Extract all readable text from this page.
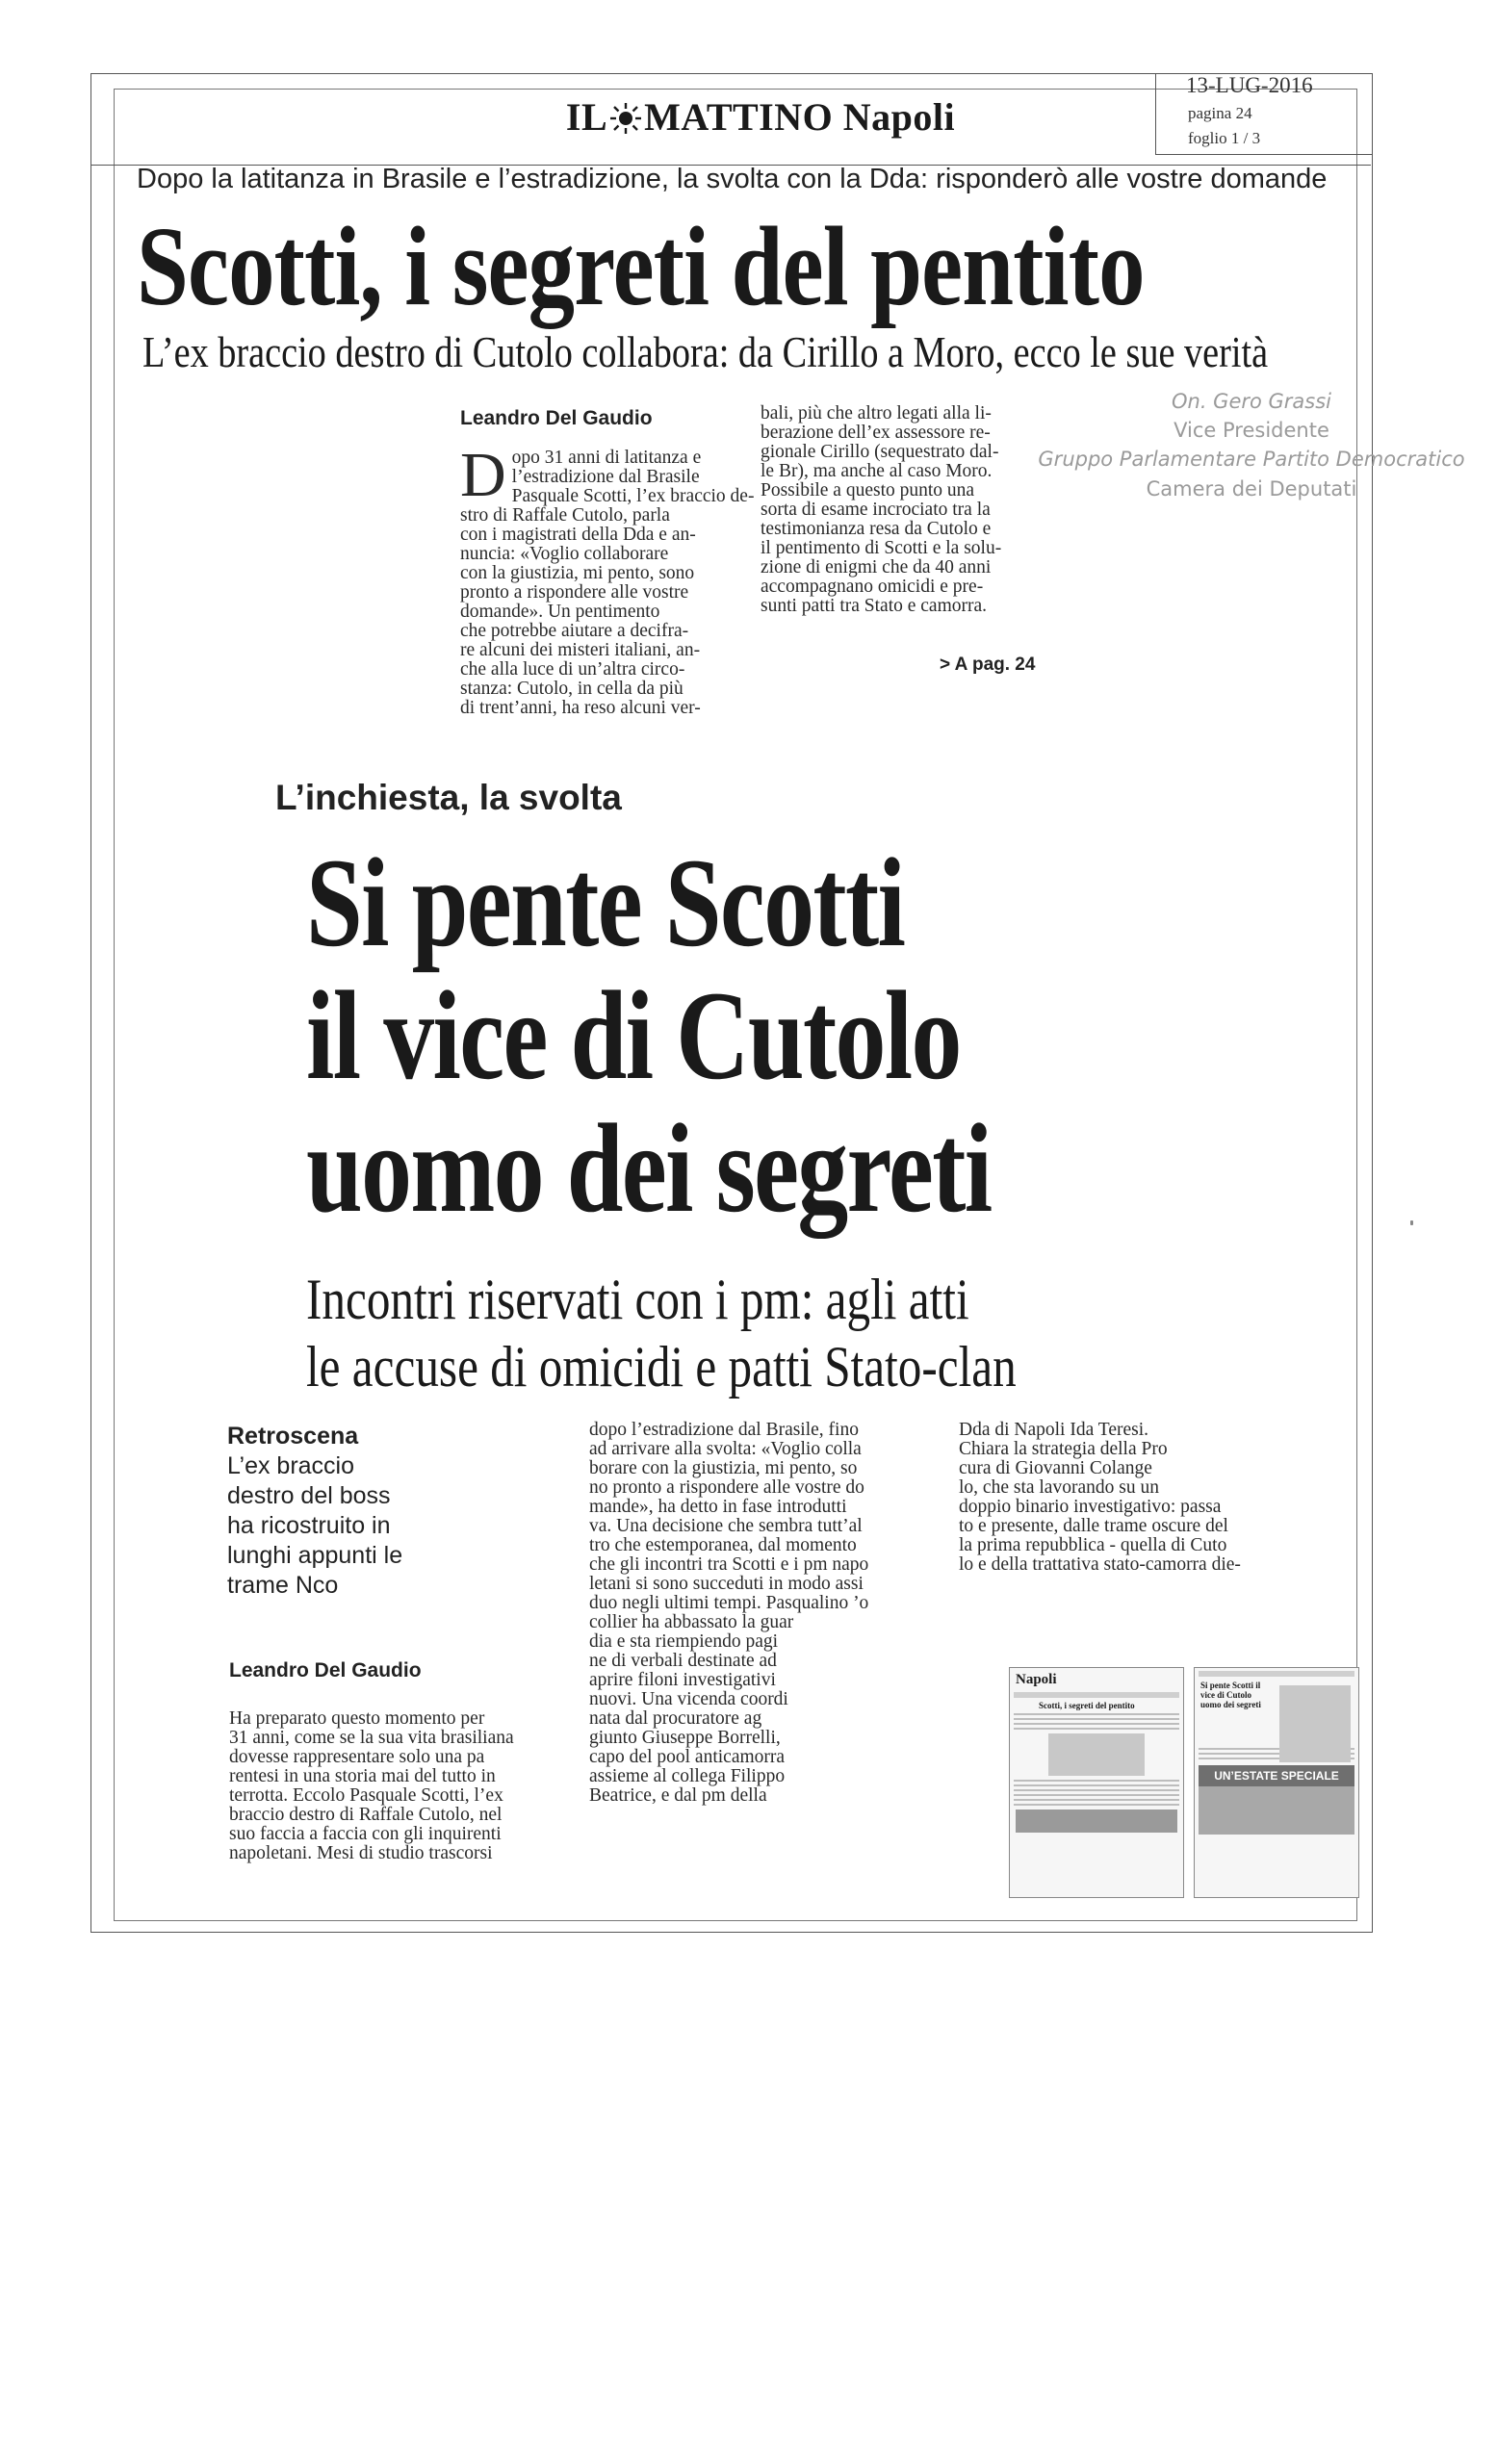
IL MATTINO Napoli
13-LUG-2016
pagina 24
foglio 1 / 3
Dopo la latitanza in Brasile e l’estradizione, la svolta con la Dda: risponderò alle vostre domande
Scotti, i segreti del pentito
L’ex braccio destro di Cutolo collabora: da Cirillo a Moro, ecco le sue verità
Leandro Del Gaudio
D opo 31 anni di latitanza e
l’estradizione dal Brasile
Pasquale Scotti, l’ex braccio de-
stro di Raffale Cutolo, parla
con i magistrati della Dda e an-
nuncia: «Voglio collaborare
con la giustizia, mi pento, sono
pronto a rispondere alle vostre
domande». Un pentimento
che potrebbe aiutare a decifra-
re alcuni dei misteri italiani, an-
che alla luce di un’altra circo-
stanza: Cutolo, in cella da più
di trent’anni, ha reso alcuni ver-
bali, più che altro legati alla li-
berazione dell’ex assessore re-
gionale Cirillo (sequestrato dal-
le Br), ma anche al caso Moro.
Possibile a questo punto una
sorta di esame incrociato tra la
testimonianza resa da Cutolo e
il pentimento di Scotti e la solu-
zione di enigmi che da 40 anni
accompagnano omicidi e pre-
sunti patti tra Stato e camorra.
> A pag. 24
On. Gero Grassi
Vice Presidente
Gruppo Parlamentare Partito Democratico
Camera dei Deputati
L’inchiesta, la svolta
Si pente Scotti
il vice di Cutolo
uomo dei segreti
Incontri riservati con i pm: agli atti
le accuse di omicidi e patti Stato-clan
Retroscena
L’ex braccio destro del boss ha ricostruito in lunghi appunti le trame Nco
Leandro Del Gaudio
Ha preparato questo momento per
31 anni, come se la sua vita brasiliana
dovesse rappresentare solo una pa
rentesi in una storia mai del tutto in
terrotta. Eccolo Pasquale Scotti, l’ex
braccio destro di Raffale Cutolo, nel
suo faccia a faccia con gli inquirenti
napoletani. Mesi di studio trascorsi
dopo l’estradizione dal Brasile, fino
ad arrivare alla svolta: «Voglio colla
borare con la giustizia, mi pento, so
no pronto a rispondere alle vostre do
mande», ha detto in fase introdutti
va. Una decisione che sembra tutt’al
tro che estemporanea, dal momento
che gli incontri tra Scotti e i pm napo
letani si sono succeduti in modo assi
duo negli ultimi tempi. Pasqualino ’o
collier ha abbassato la guar
dia e sta riempiendo pagi
ne di verbali destinate ad
aprire filoni investigativi
nuovi. Una vicenda coordi
nata dal procuratore ag
giunto Giuseppe Borrelli,
capo del pool anticamorra
assieme al collega Filippo
Beatrice, e dal pm della
Dda di Napoli Ida Teresi.
Chiara la strategia della Pro
cura di Giovanni Colange
lo, che sta lavorando su un
doppio binario investigativo: passa
to e presente, dalle trame oscure del
la prima repubblica - quella di Cuto
lo e della trattativa stato-camorra die-
Napoli
Scotti, i segreti del pentito
Si pente Scotti il vice di Cutolo uomo dei segreti
UN’ESTATE SPECIALE
